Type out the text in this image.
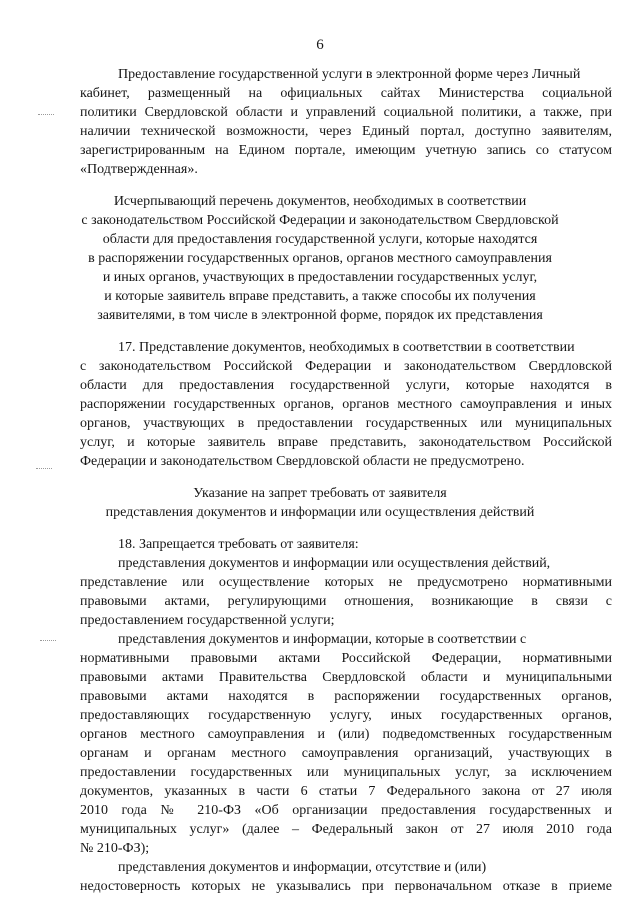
6
Предоставление государственной услуги в электронной форме через Личный
кабинет, размещенный на официальных сайтах Министерства социальной
политики Свердловской области и управлений социальной политики, а также, при
наличии технической возможности, через Единый портал, доступно заявителям,
зарегистрированным на Едином портале, имеющим учетную запись со статусом
«Подтвержденная».
Исчерпывающий перечень документов, необходимых в соответствии
с законодательством Российской Федерации и законодательством Свердловской
области для предоставления государственной услуги, которые находятся
в распоряжении государственных органов, органов местного самоуправления
и иных органов, участвующих в предоставлении государственных услуг,
и которые заявитель вправе представить, а также способы их получения
заявителями, в том числе в электронной форме, порядок их представления
17. Представление документов, необходимых в соответствии в соответствии
с законодательством Российской Федерации и законодательством Свердловской
области для предоставления государственной услуги, которые находятся в
распоряжении государственных органов, органов местного самоуправления и иных
органов, участвующих в предоставлении государственных или муниципальных
услуг, и которые заявитель вправе представить, законодательством Российской
Федерации и законодательством Свердловской области не предусмотрено.
Указание на запрет требовать от заявителя
представления документов и информации или осуществления действий
18. Запрещается требовать от заявителя:
представления документов и информации или осуществления действий,
представление или осуществление которых не предусмотрено нормативными
правовыми актами, регулирующими отношения, возникающие в связи с
предоставлением государственной услуги;
представления документов и информации, которые в соответствии с
нормативными правовыми актами Российской Федерации, нормативными
правовыми актами Правительства Свердловской области и муниципальными
правовыми актами находятся в распоряжении государственных органов,
предоставляющих государственную услугу, иных государственных органов,
органов местного самоуправления и (или) подведомственных государственным
органам и органам местного самоуправления организаций, участвующих в
предоставлении государственных или муниципальных услуг, за исключением
документов, указанных в части 6 статьи 7 Федерального закона от 27 июля
2010 года № 210-ФЗ «Об организации предоставления государственных и
муниципальных услуг» (далее – Федеральный закон от 27 июля 2010 года
№ 210-ФЗ);
представления документов и информации, отсутствие и (или)
недостоверность которых не указывались при первоначальном отказе в приеме
